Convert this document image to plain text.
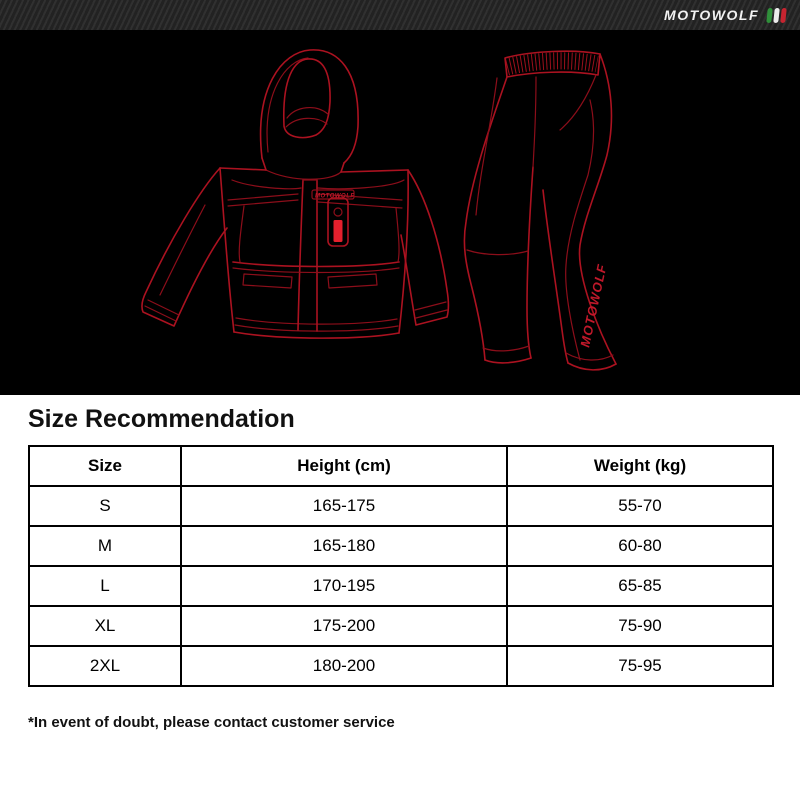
MOTOWOLF
MOTOWOLF
MOTOWOLF
Size Recommendation
Size	Height (cm)	Weight (kg)
S	165-175	55-70
M	165-180	60-80
L	170-195	65-85
XL	175-200	75-90
2XL	180-200	75-95
*In event of doubt, please contact customer service
